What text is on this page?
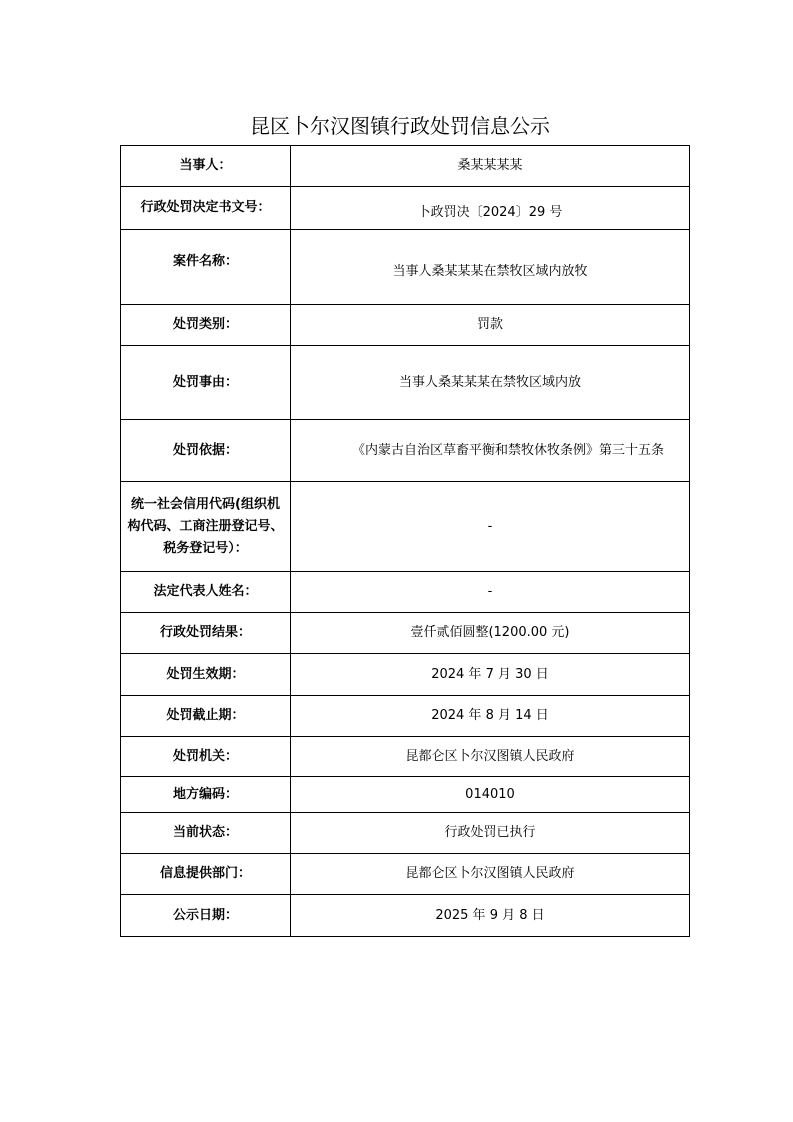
昆区卜尔汉图镇行政处罚信息公示
当事人：	桑某某某某
行政处罚决定书文号：	卜政罚决〔2024〕29 号
案件名称：	当事人桑某某某在禁牧区域内放牧
处罚类别：	罚款
处罚事由：	当事人桑某某某在禁牧区域内放
处罚依据：	《内蒙古自治区草畜平衡和禁牧休牧条例》第三十五条
统一社会信用代码(组织机构代码、工商注册登记号、税务登记号）：	-
法定代表人姓名：	-
行政处罚结果：	壹仟贰佰圆整(1200.00 元)
处罚生效期：	2024 年 7 月 30 日
处罚截止期：	2024 年 8 月 14 日
处罚机关：	昆都仑区卜尔汉图镇人民政府
地方编码：	014010
当前状态：	行政处罚已执行
信息提供部门：	昆都仑区卜尔汉图镇人民政府
公示日期：	2025 年 9 月 8 日
